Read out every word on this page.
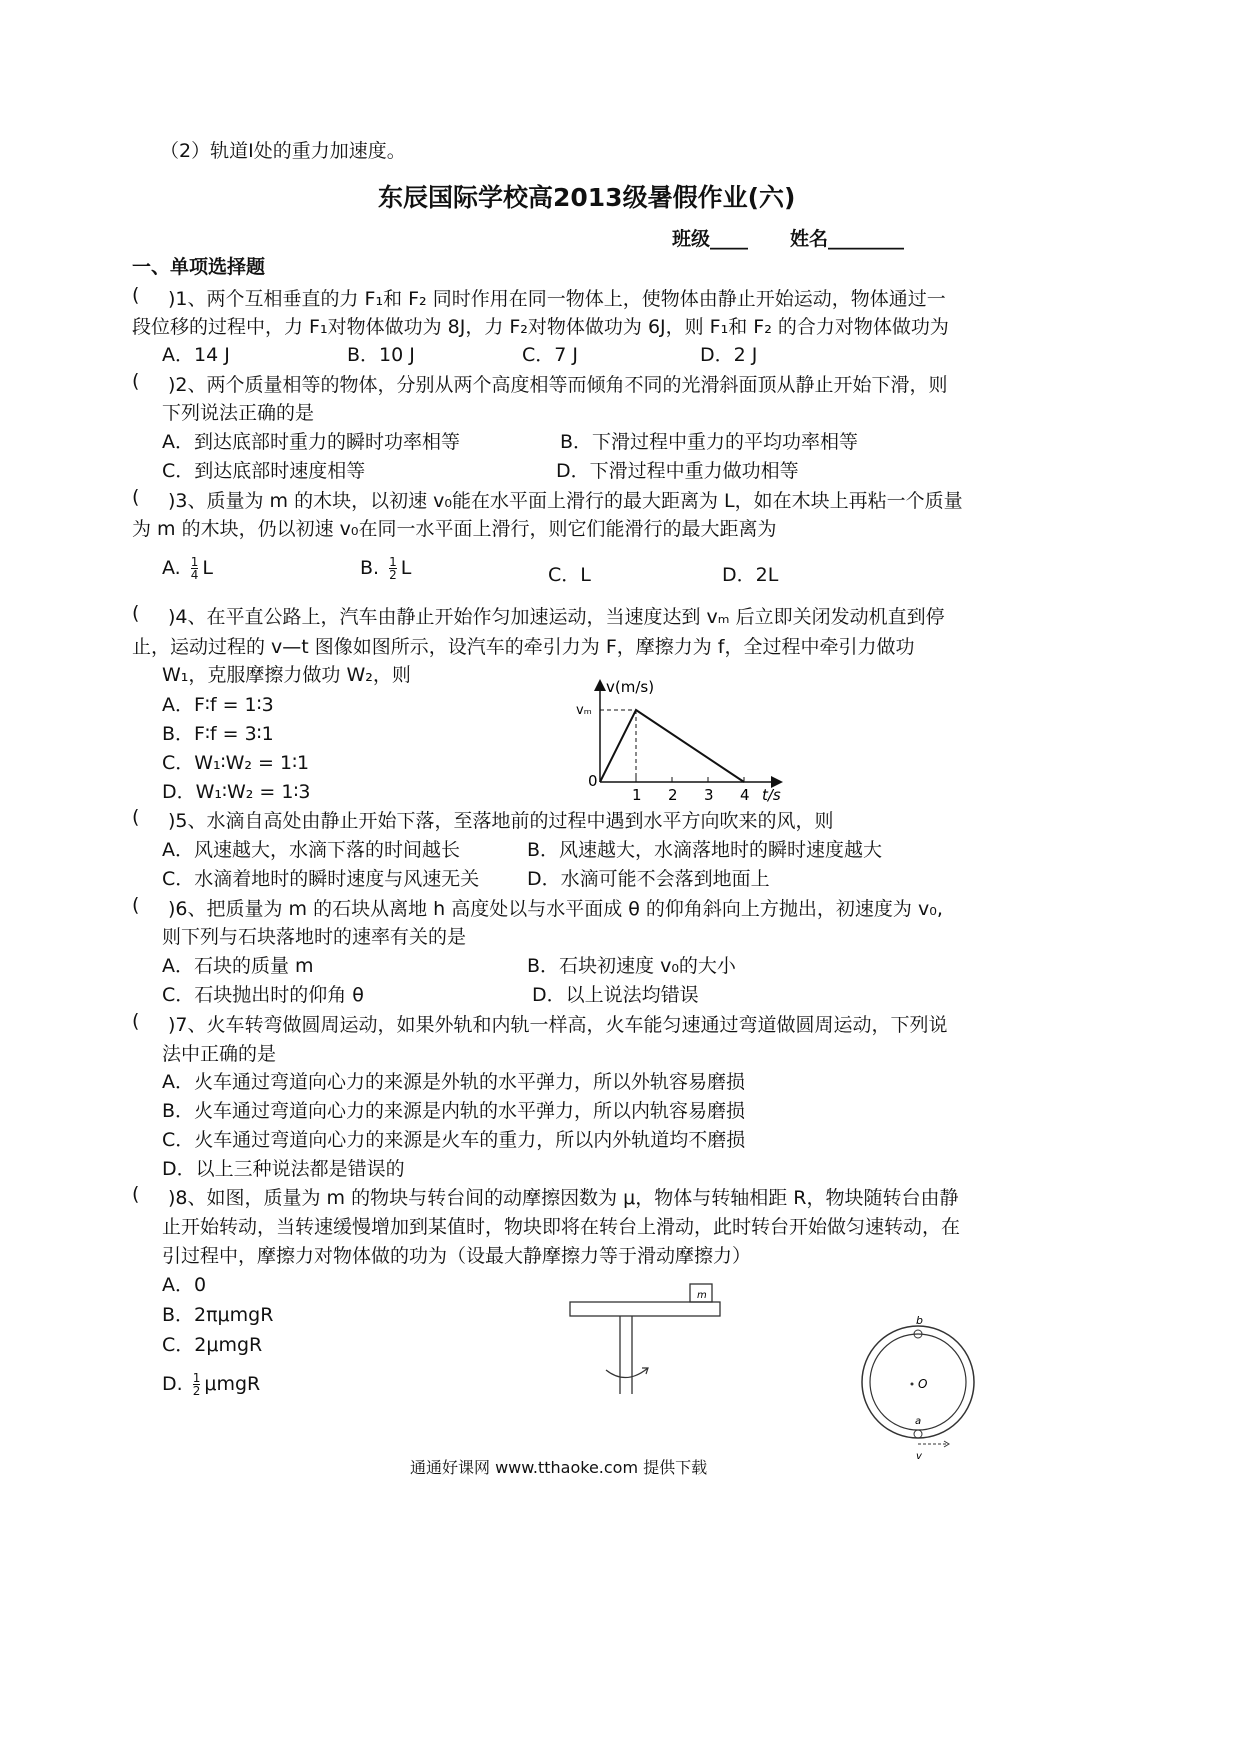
（2）轨道Ⅰ处的重力加速度。
东辰国际学校高2013级暑假作业(六)
班级____ 姓名________
一、单项选择题
( )1、两个互相垂直的力 F₁和 F₂ 同时作用在同一物体上，使物体由静止开始运动，物体通过一
段位移的过程中，力 F₁对物体做功为 8J，力 F₂对物体做功为 6J，则 F₁和 F₂ 的合力对物体做功为
A．14 J	B．10 J	C．7 J	D．2 J
( )2、两个质量相等的物体，分别从两个高度相等而倾角不同的光滑斜面顶从静止开始下滑，则
下列说法正确的是
A．到达底部时重力的瞬时功率相等	B．下滑过程中重力的平均功率相等
C．到达底部时速度相等	D．下滑过程中重力做功相等
( )3、质量为 m 的木块，以初速 v₀能在水平面上滑行的最大距离为 L，如在木块上再粘一个质量
为 m 的木块，仍以初速 v₀在同一水平面上滑行，则它们能滑行的最大距离为
A. $\frac{1}{4}$ L	B. $\frac{1}{2}$ L	C．L	D．2L
( )4、在平直公路上，汽车由静止开始作匀加速运动，当速度达到 vₘ 后立即关闭发动机直到停
止，运动过程的 v—t 图像如图所示，设汽车的牵引力为 F，摩擦力为 f，全过程中牵引力做功
W₁，克服摩擦力做功 W₂，则
A．F∶f = 1∶3
B．F∶f = 3∶1
C．W₁∶W₂ = 1∶1
D．W₁∶W₂ = 1∶3
v(m/s)
vₘ
0
1 2 3 4 t/s
( )5、水滴自高处由静止开始下落，至落地前的过程中遇到水平方向吹来的风，则
A．风速越大，水滴下落的时间越长	B．风速越大，水滴落地时的瞬时速度越大
C．水滴着地时的瞬时速度与风速无关	D．水滴可能不会落到地面上
( )6、把质量为 m 的石块从离地 h 高度处以与水平面成 θ 的仰角斜向上方抛出，初速度为 v₀,
则下列与石块落地时的速率有关的是
A．石块的质量 m	B．石块初速度 v₀的大小
C．石块抛出时的仰角 θ	D．以上说法均错误
( )7、火车转弯做圆周运动，如果外轨和内轨一样高，火车能匀速通过弯道做圆周运动，下列说
法中正确的是
A．火车通过弯道向心力的来源是外轨的水平弹力，所以外轨容易磨损
B．火车通过弯道向心力的来源是内轨的水平弹力，所以内轨容易磨损
C．火车通过弯道向心力的来源是火车的重力，所以内外轨道均不磨损
D．以上三种说法都是错误的
( )8、如图，质量为 m 的物块与转台间的动摩擦因数为 μ，物体与转轴相距 R，物块随转台由静
止开始转动，当转速缓慢增加到某值时，物块即将在转台上滑动，此时转台开始做匀速转动，在
引过程中，摩擦力对物体做的功为（设最大静摩擦力等于滑动摩擦力）
A．0
B．2πμmgR
C．2μmgR
D. $\frac{1}{2}$ μmgR
m
b
O
a
v
通通好课网 www.tthaoke.com 提供下载
